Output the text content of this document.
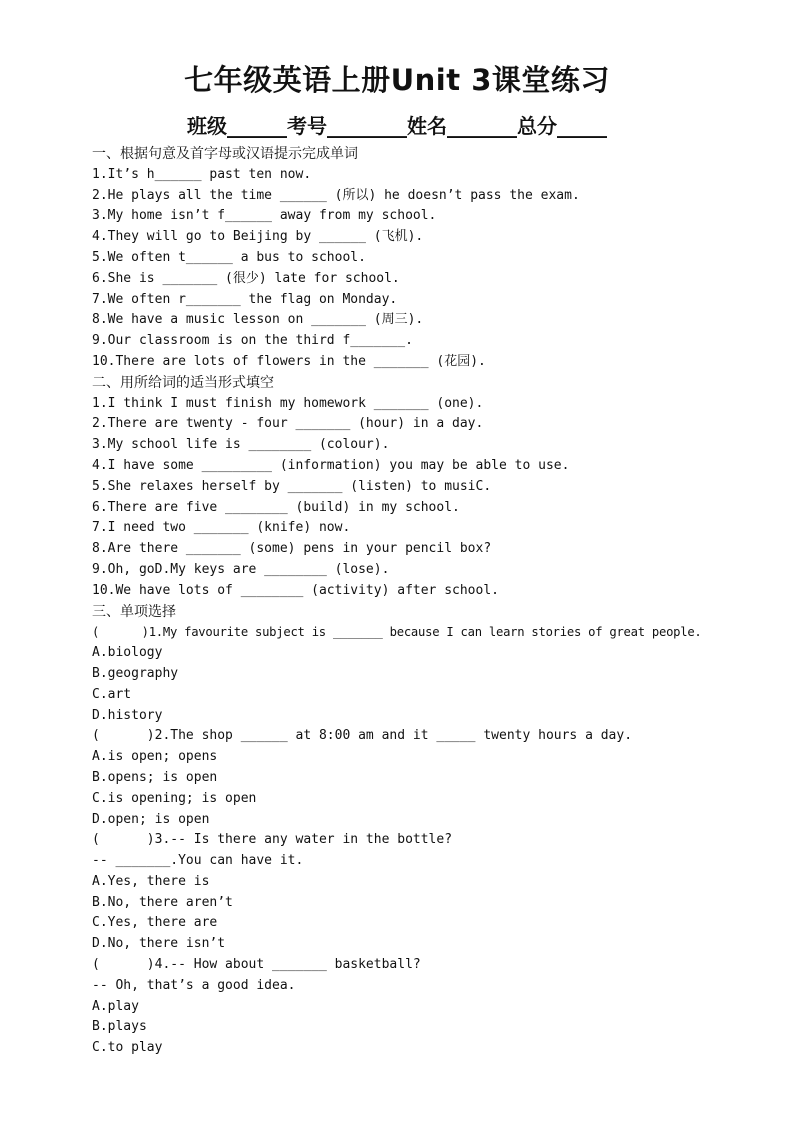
七年级英语上册Unit 3课堂练习
班级______考号________姓名_______总分_____
一、根据句意及首字母或汉语提示完成单词
1.It’s h______ past ten now.
2.He plays all the time ______ (所以) he doesn’t pass the exam.
3.My home isn’t f______ away from my school.
4.They will go to Beijing by ______ (飞机).
5.We often t______ a bus to school.
6.She is _______ (很少) late for school.
7.We often r_______ the flag on Monday.
8.We have a music lesson on _______ (周三).
9.Our classroom is on the third f_______.
10.There are lots of flowers in the _______ (花园).
二、用所给词的适当形式填空
1.I think I must finish my homework _______ (one).
2.There are twenty - four _______ (hour) in a day.
3.My school life is ________ (colour).
4.I have some _________ (information) you may be able to use.
5.She relaxes herself by _______ (listen) to musiC.
6.There are five ________ (build) in my school.
7.I need two _______ (knife) now.
8.Are there _______ (some) pens in your pencil box?
9.Oh, goD.My keys are ________ (lose).
10.We have lots of ________ (activity) after school.
三、单项选择
(      )1.My favourite subject is _______ because I can learn stories of great people.
A.biology
B.geography
C.art
D.history
(      )2.The shop ______ at 8:00 am and it _____ twenty hours a day.
A.is open; opens
B.opens; is open
C.is opening; is open
D.open; is open
(      )3.-- Is there any water in the bottle?
-- _______.You can have it.
A.Yes, there is
B.No, there aren’t
C.Yes, there are
D.No, there isn’t
(      )4.-- How about _______ basketball?
-- Oh, that’s a good idea.
A.play
B.plays
C.to play
